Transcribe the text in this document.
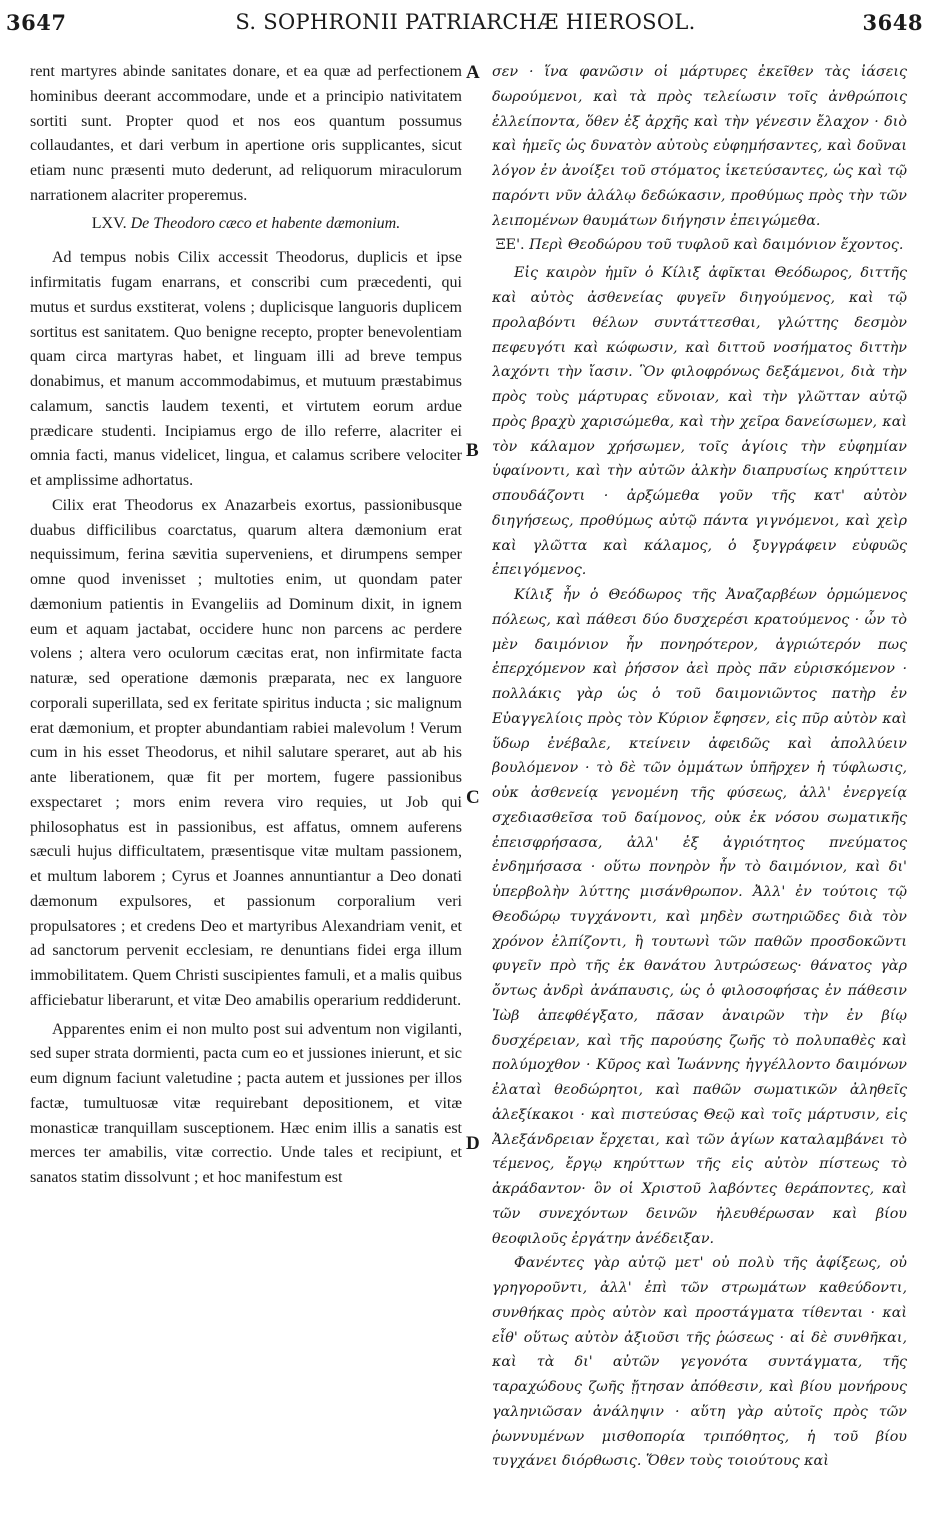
3647	S. SOPHRONII PATRIARCHÆ HIEROSOL.	3648

rent martyres abinde sanitates donare, et ea quæ ad perfectionem hominibus deerant accommodare, unde et a principio nativitatem sortiti sunt. Propter quod et nos eos quantum possumus collaudantes, et dari verbum in apertione oris supplicantes, sicut etiam nunc præsenti muto dederunt, ad reliquorum miraculorum narrationem alacriter properemus.

LXV. De Theodoro cæco et habente dæmonium.

Ad tempus nobis Cilix accessit Theodorus, duplicis et ipse infirmitatis fugam enarrans, et conscribi cum præcedenti, qui mutus et surdus exstiterat, volens ; duplicisque languoris duplicem sortitus est sanitatem. Quo benigne recepto, propter benevolentiam quam circa martyras habet, et linguam illi ad breve tempus donabimus, et manum accommodabimus, et mutuum præstabimus calamum, sanctis laudem texenti, et virtutem eorum ardue prædicare studenti. Incipiamus ergo de illo referre, alacriter ei omnia facti, manus videlicet, lingua, et calamus scribere velociter et amplissime adhortatus.

Cilix erat Theodorus ex Anazarbeis exortus, passionibusque duabus difficilibus coarctatus, quarum altera dæmonium erat nequissimum, ferina sævitia superveniens, et dirumpens semper omne quod invenisset ; multoties enim, ut quondam pater dæmonium patientis in Evangeliis ad Dominum dixit, in ignem eum et aquam jactabat, occidere hunc non parcens ac perdere volens ; altera vero oculorum cæcitas erat, non infirmitate facta naturæ, sed operatione dæmonis præparata, nec ex languore corporali superillata, sed ex feritate spiritus inducta ; sic malignum erat dæmonium, et propter abundantiam rabiei malevolum ! Verum cum in his esset Theodorus, et nihil salutare speraret, aut ab his ante liberationem, quæ fit per mortem, fugere passionibus exspectaret ; mors enim revera viro requies, ut Job qui philosophatus est in passionibus, est affatus, omnem auferens sæculi hujus difficultatem, præsentisque vitæ multam passionem, et multum laborem ; Cyrus et Joannes annuntiantur a Deo donati dæmonum expulsores, et passionum corporalium veri propulsatores ; et credens Deo et martyribus Alexandriam venit, et ad sanctorum pervenit ecclesiam, re denuntians fidei erga illum immobilitatem. Quem Christi suscipientes famuli, et a malis quibus afficiebatur liberarunt, et vitæ Deo amabilis operarium reddiderunt.

Apparentes enim ei non multo post sui adventum non vigilanti, sed super strata dormienti, pacta cum eo et jussiones inierunt, et sic eum dignum faciunt valetudine ; pacta autem et jussiones per illos factæ, tumultuosæ vitæ requirebant depositionem, et vitæ monasticæ tranquillam susceptionem. Hæc enim illis a sanatis est merces ter amabilis, vitæ correctio. Unde tales et recipiunt, et sanatos statim dissolvunt ; et hoc manifestum est

σεν · ἵνα φανῶσιν οἱ μάρτυρες ἐκεῖθεν τὰς ἰάσεις δωρούμενοι, καὶ τὰ πρὸς τελείωσιν τοῖς ἀνθρώποις ἐλλείποντα, ὅθεν ἐξ ἀρχῆς καὶ τὴν γένεσιν ἔλαχον · διὸ καὶ ἡμεῖς ὡς δυνατὸν αὐτοὺς εὐφημήσαντες, καὶ δοῦναι λόγον ἐν ἀνοίξει τοῦ στόματος ἱκετεύσαντες, ὡς καὶ τῷ παρόντι νῦν ἀλάλῳ δεδώκασιν, προθύμως πρὸς τὴν τῶν λειπομένων θαυμάτων διήγησιν ἐπειγώμεθα.

ΞΕ'. Περὶ Θεοδώρου τοῦ τυφλοῦ καὶ δαιμόνιον ἔχοντος.

Εἰς καιρὸν ἡμῖν ὁ Κίλιξ ἀφῖκται Θεόδωρος, διττῆς καὶ αὐτὸς ἀσθενείας φυγεῖν διηγούμενος, καὶ τῷ προλαβόντι θέλων συντάττεσθαι, γλώττης δεσμὸν πεφευγότι καὶ κώφωσιν, καὶ διττοῦ νοσήματος διττὴν λαχόντι τὴν ἴασιν. Ὃν φιλοφρόνως δεξάμενοι, διὰ τὴν πρὸς τοὺς μάρτυρας εὔνοιαν, καὶ τὴν γλῶτταν αὐτῷ πρὸς βραχὺ χαρισώμεθα, καὶ τὴν χεῖρα δανείσωμεν, καὶ τὸν κάλαμον χρήσωμεν, τοῖς ἁγίοις τὴν εὐφημίαν ὑφαίνοντι, καὶ τὴν αὐτῶν ἀλκὴν διαπρυσίως κηρύττειν σπουδάζοντι · ἀρξώμεθα γοῦν τῆς κατ' αὐτὸν διηγήσεως, προθύμως αὐτῷ πάντα γιγνόμενοι, καὶ χεὶρ καὶ γλῶττα καὶ κάλαμος, ὁ ξυγγράφειν εὐφυῶς ἐπειγόμενος.

Κίλιξ ἦν ὁ Θεόδωρος τῆς Ἀναζαρβέων ὁρμώμενος πόλεως, καὶ πάθεσι δύο δυσχερέσι κρατούμενος · ὧν τὸ μὲν δαιμόνιον ἦν πονηρότερον, ἀγριώτερόν πως ἐπερχόμενον καὶ ῥήσσον ἀεὶ πρὸς πᾶν εὑρισκόμενον · πολλάκις γὰρ ὡς ὁ τοῦ δαιμονιῶντος πατὴρ ἐν Εὐαγγελίοις πρὸς τὸν Κύριον ἔφησεν, εἰς πῦρ αὐτὸν καὶ ὕδωρ ἐνέβαλε, κτείνειν ἀφειδῶς καὶ ἀπολλύειν βουλόμενον · τὸ δὲ τῶν ὀμμάτων ὑπῆρχεν ἡ τύφλωσις, οὐκ ἀσθενείᾳ γενομένη τῆς φύσεως, ἀλλ' ἐνεργείᾳ σχεδιασθεῖσα τοῦ δαίμονος, οὐκ ἐκ νόσου σωματικῆς ἐπεισφρήσασα, ἀλλ' ἐξ ἀγριότητος πνεύματος ἐνδημήσασα · οὕτω πονηρὸν ἦν τὸ δαιμόνιον, καὶ δι' ὑπερβολὴν λύττης μισάνθρωπον. Ἀλλ' ἐν τούτοις τῷ Θεοδώρῳ τυγχάνοντι, καὶ μηδὲν σωτηριῶδες διὰ τὸν χρόνον ἐλπίζοντι, ἢ τουτωνὶ τῶν παθῶν προσδοκῶντι φυγεῖν πρὸ τῆς ἐκ θανάτου λυτρώσεως· θάνατος γὰρ ὄντως ἀνδρὶ ἀνάπαυσις, ὡς ὁ φιλοσοφήσας ἐν πάθεσιν Ἰὼβ ἀπεφθέγξατο, πᾶσαν ἀναιρῶν τὴν ἐν βίῳ δυσχέρειαν, καὶ τῆς παρούσης ζωῆς τὸ πολυπαθὲς καὶ πολύμοχθον · Κῦρος καὶ Ἰωάννης ἠγγέλλοντο δαιμόνων ἐλαταὶ θεοδώρητοι, καὶ παθῶν σωματικῶν ἀληθεῖς ἀλεξίκακοι · καὶ πιστεύσας Θεῷ καὶ τοῖς μάρτυσιν, εἰς Ἀλεξάνδρειαν ἔρχεται, καὶ τῶν ἁγίων καταλαμβάνει τὸ τέμενος, ἔργῳ κηρύττων τῆς εἰς αὐτὸν πίστεως τὸ ἀκράδαντον· ὃν οἱ Χριστοῦ λαβόντες θεράποντες, καὶ τῶν συνεχόντων δεινῶν ἠλευθέρωσαν καὶ βίου θεοφιλοῦς ἐργάτην ἀνέδειξαν.

Φανέντες γὰρ αὐτῷ μετ' οὐ πολὺ τῆς ἀφίξεως, οὐ γρηγοροῦντι, ἀλλ' ἐπὶ τῶν στρωμάτων καθεύδοντι, συνθήκας πρὸς αὐτὸν καὶ προστάγματα τίθενται · καὶ εἶθ' οὕτως αὐτὸν ἀξιοῦσι τῆς ῥώσεως · αἱ δὲ συνθῆκαι, καὶ τὰ δι' αὐτῶν γεγονότα συντάγματα, τῆς ταραχώδους ζωῆς ᾔτησαν ἀπόθεσιν, καὶ βίου μονήρους γαληνιῶσαν ἀνάληψιν · αὕτη γὰρ αὐτοῖς πρὸς τῶν ῥωννυμένων μισθοπορία τριπόθητος, ἡ τοῦ βίου τυγχάνει διόρθωσις. Ὅθεν τοὺς τοιούτους καὶ

A
B
C
D
